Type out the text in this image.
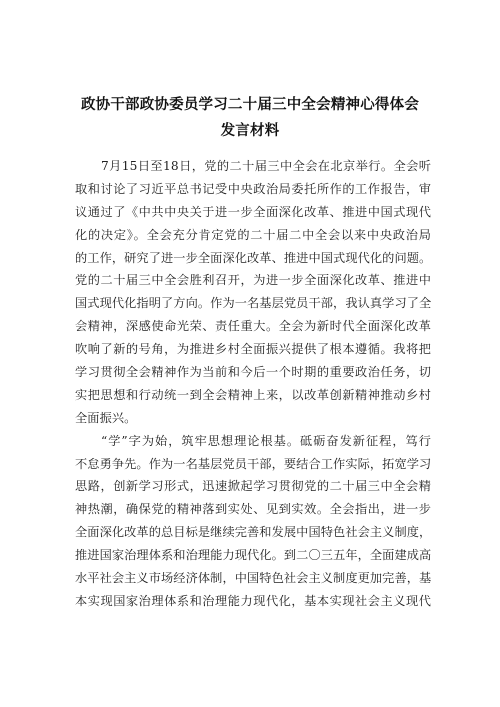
政协干部政协委员学习二十届三中全会精神心得体会
发言材料
7月15日至18日，党的二十届三中全会在北京举行。全会听
取和讨论了习近平总书记受中央政治局委托所作的工作报告，审
议通过了《中共中央关于进一步全面深化改革、推进中国式现代
化的决定》。全会充分肯定党的二十届二中全会以来中央政治局
的工作，研究了进一步全面深化改革、推进中国式现代化的问题。
党的二十届三中全会胜利召开，为进一步全面深化改革、推进中
国式现代化指明了方向。作为一名基层党员干部，我认真学习了全
会精神，深感使命光荣、责任重大。全会为新时代全面深化改革
吹响了新的号角，为推进乡村全面振兴提供了根本遵循。我将把
学习贯彻全会精神作为当前和今后一个时期的重要政治任务，切
实把思想和行动统一到全会精神上来，以改革创新精神推动乡村
全面振兴。
“学”字为始，筑牢思想理论根基。砥砺奋发新征程，笃行
不怠勇争先。作为一名基层党员干部，要结合工作实际，拓宽学习
思路，创新学习形式，迅速掀起学习贯彻党的二十届三中全会精
神热潮，确保党的精神落到实处、见到实效。全会指出，进一步
全面深化改革的总目标是继续完善和发展中国特色社会主义制度，
推进国家治理体系和治理能力现代化。到二〇三五年，全面建成高
水平社会主义市场经济体制，中国特色社会主义制度更加完善，基
本实现国家治理体系和治理能力现代化，基本实现社会主义现代
